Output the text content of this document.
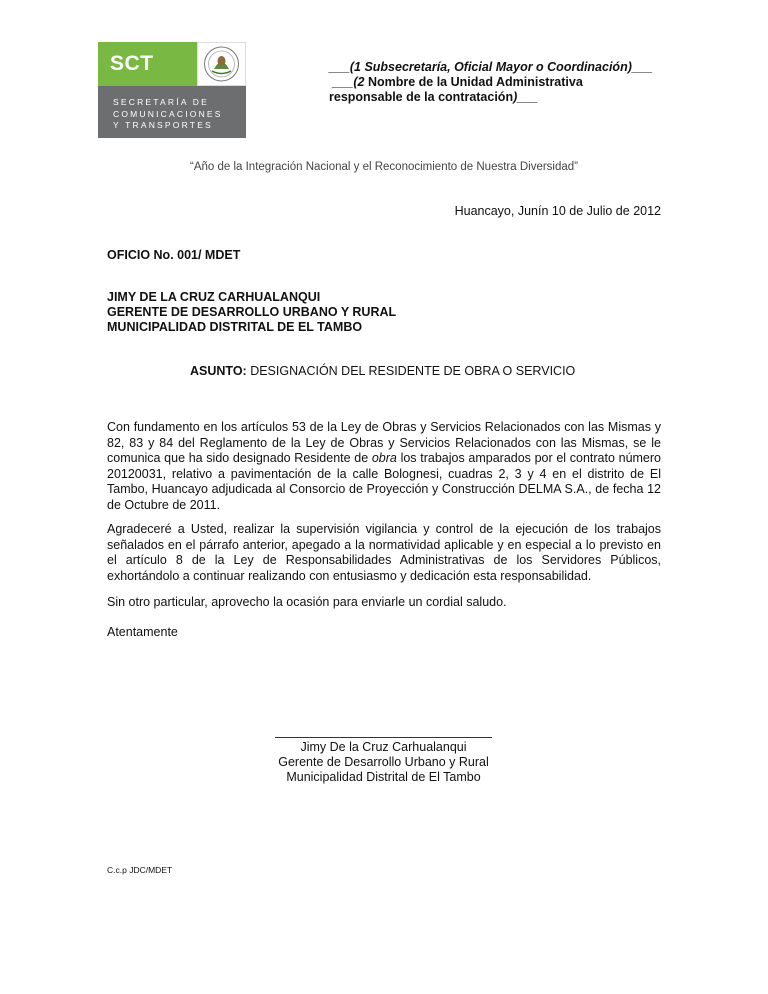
SCT
SECRETARÍA DE
COMUNICACIONES
Y TRANSPORTES
___(1 Subsecretaría, Oficial Mayor o Coordinación)___
___(2 Nombre de la Unidad Administrativa
responsable de la contratación)___
“Año de la Integración Nacional y el Reconocimiento de Nuestra Diversidad”
Huancayo, Junín 10 de Julio de 2012
OFICIO No. 001/ MDET
JIMY DE LA CRUZ CARHUALANQUI
GERENTE DE DESARROLLO URBANO Y RURAL
MUNICIPALIDAD DISTRITAL DE EL TAMBO
ASUNTO: DESIGNACIÓN DEL RESIDENTE DE OBRA O SERVICIO
Con fundamento en los artículos 53 de la Ley de Obras y Servicios Relacionados con las Mismas y 82, 83 y 84 del Reglamento de la Ley de Obras y Servicios Relacionados con las Mismas, se le comunica que ha sido designado Residente de obra los trabajos amparados por el contrato número 20120031, relativo a pavimentación de la calle Bolognesi, cuadras 2, 3 y 4 en el distrito de El Tambo, Huancayo adjudicada al Consorcio de Proyección y Construcción DELMA S.A., de fecha 12 de Octubre de 2011.
Agradeceré a Usted, realizar la supervisión vigilancia y control de la ejecución de los trabajos señalados en el párrafo anterior, apegado a la normatividad aplicable y en especial a lo previsto en el artículo 8 de la Ley de Responsabilidades Administrativas de los Servidores Públicos, exhortándolo a continuar realizando con entusiasmo y dedicación esta responsabilidad.
Sin otro particular, aprovecho la ocasión para enviarle un cordial saludo.
Atentamente
Jimy De la Cruz Carhualanqui
Gerente de Desarrollo Urbano y Rural
Municipalidad Distrital de El Tambo
C.c.p JDC/MDET
